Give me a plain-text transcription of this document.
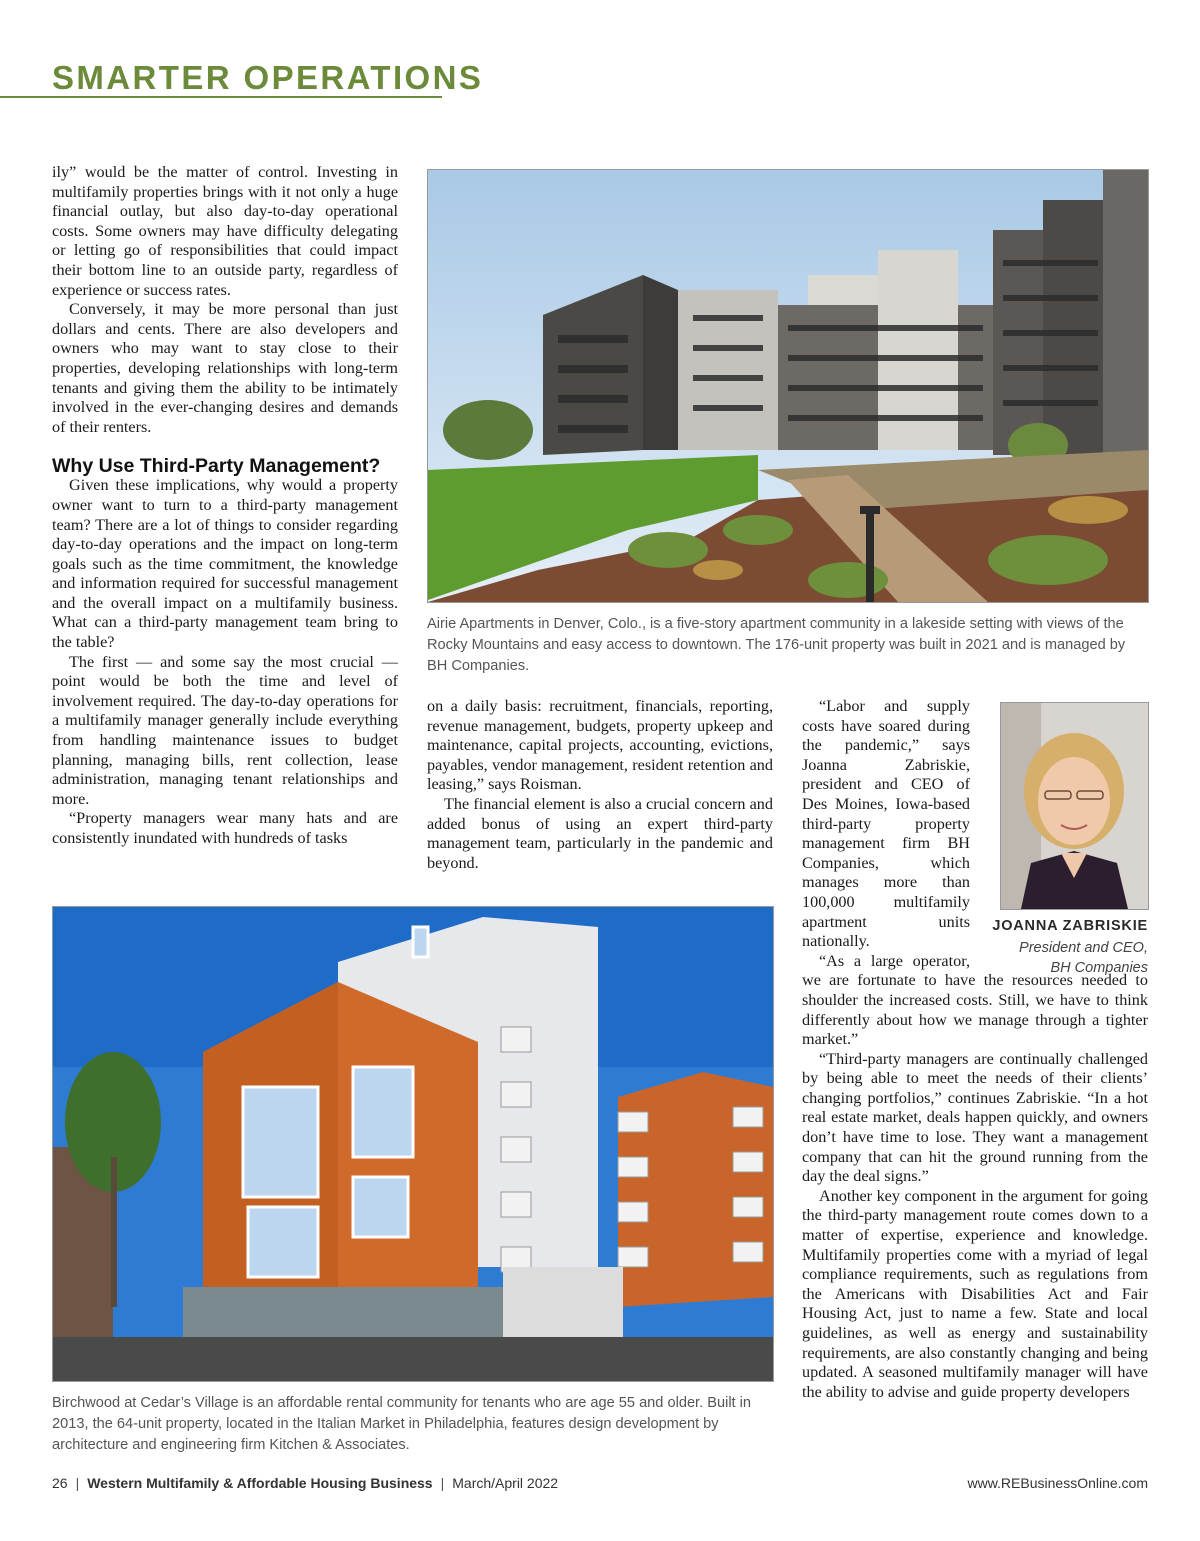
SMARTER OPERATIONS

ily” would be the matter of control. Investing in multifamily properties brings with it not only a huge financial outlay, but also day-to-day operational costs. Some owners may have difficulty delegating or letting go of responsibilities that could impact their bottom line to an outside party, regardless of experience or success rates.

Conversely, it may be more personal than just dollars and cents. There are also developers and owners who may want to stay close to their properties, developing relationships with long-term tenants and giving them the ability to be intimately involved in the ever-changing desires and demands of their renters.

Why Use Third-Party Management?

Given these implications, why would a property owner want to turn to a third-party management team? There are a lot of things to consider regarding day-to-day operations and the impact on long-term goals such as the time commitment, the knowledge and information required for successful management and the overall impact on a multifamily business. What can a third-party management team bring to the table?

The first — and some say the most crucial — point would be both the time and level of involvement required. The day-to-day operations for a multifamily manager generally include everything from handling maintenance issues to budget planning, managing bills, rent collection, lease administration, managing tenant relationships and more.

“Property managers wear many hats and are consistently inundated with hundreds of tasks

Airie Apartments in Denver, Colo., is a five-story apartment community in a lakeside setting with views of the Rocky Mountains and easy access to downtown. The 176-unit property was built in 2021 and is managed by BH Companies.

on a daily basis: recruitment, financials, reporting, revenue management, budgets, property upkeep and maintenance, capital projects, accounting, evictions, payables, vendor management, resident retention and leasing,” says Roisman.

The financial element is also a crucial concern and added bonus of using an expert third-party management team, particularly in the pandemic and beyond.

Birchwood at Cedar’s Village is an affordable rental community for tenants who are age 55 and older. Built in 2013, the 64-unit property, located in the Italian Market in Philadelphia, features design development by architecture and engineering firm Kitchen & Associates.

“Labor and supply costs have soared during the pandemic,” says Joanna Zabriskie, president and CEO of Des Moines, Iowa-based third-party property management firm BH Companies, which manages more than 100,000 multifamily apartment units nationally.

“As a large operator, we are fortunate to have the resources needed to shoulder the increased costs. Still, we have to think differently about how we manage through a tighter market.”

“Third-party managers are continually challenged by being able to meet the needs of their clients’ changing portfolios,” continues Zabriskie. “In a hot real estate market, deals happen quickly, and owners don’t have time to lose. They want a management company that can hit the ground running from the day the deal signs.”

Another key component in the argument for going the third-party management route comes down to a matter of expertise, experience and knowledge. Multifamily properties come with a myriad of legal compliance requirements, such as regulations from the Americans with Disabilities Act and Fair Housing Act, just to name a few. State and local guidelines, as well as energy and sustainability requirements, are also constantly changing and being updated. A seasoned multifamily manager will have the ability to advise and guide property developers

JOANNA ZABRISKIE
President and CEO,
BH Companies
26 | Western Multifamily & Affordable Housing Business | March/April 2022	www.REBusinessOnline.com
